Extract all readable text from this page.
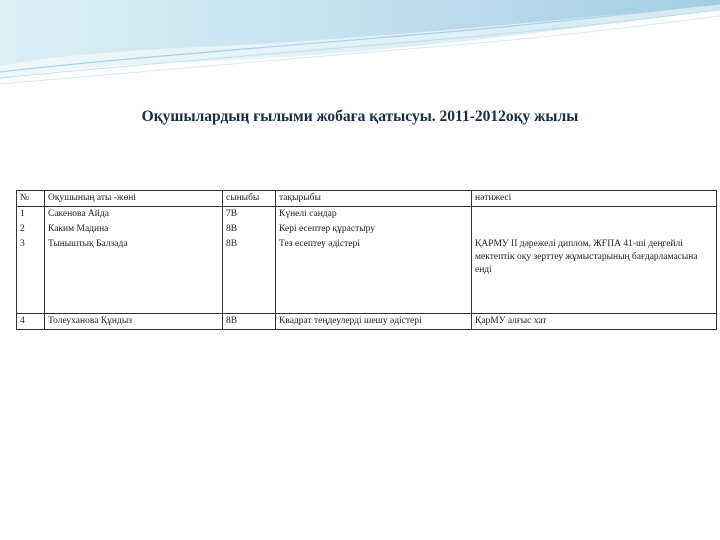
Оқушылардың ғылыми жобаға қатысуы. 2011-2012оқу жылы
№	Оқушының аты -жөні	сыныбы	тақырыбы	нәтижесі
1	Сакенова Айда	7В	Күнелі сандар	
2	Каким Мадина	8В	Кері есептер құрастыру	
3	Тыныштық Балзада	8В	Тез есептеу әдістері	ҚАРМУ II дәрежелі диплом, ЖҒПА 41-ші деңгейлі мектептік оқу зерттеу жұмыстарының бағдарламасына енді
4	Толеуханова Құндыз	8В	Квадрат теңдеулерді шешу әдістері	ҚарМУ алғыс хат
